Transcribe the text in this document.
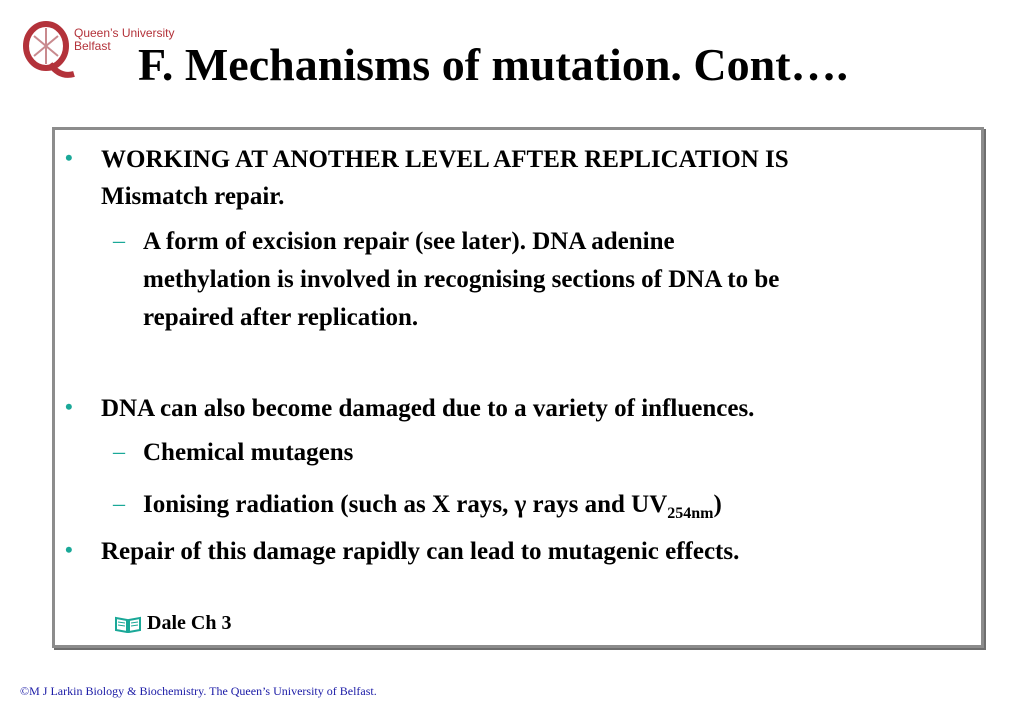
Queen’s University
Belfast F. Mechanisms of mutation. Cont….
• WORKING AT ANOTHER LEVEL AFTER REPLICATION IS
Mismatch repair.
– A form of excision repair (see later). DNA adenine
methylation is involved in recognising sections of DNA to be
repaired after replication.
• DNA can also become damaged due to a variety of influences.
– Chemical mutagens
– Ionising radiation (such as X rays, γ rays and $UV_{254nm}$)
• Repair of this damage rapidly can lead to mutagenic effects.
Dale Ch 3
©M J Larkin Biology & Biochemistry. The Queen’s University of Belfast.
